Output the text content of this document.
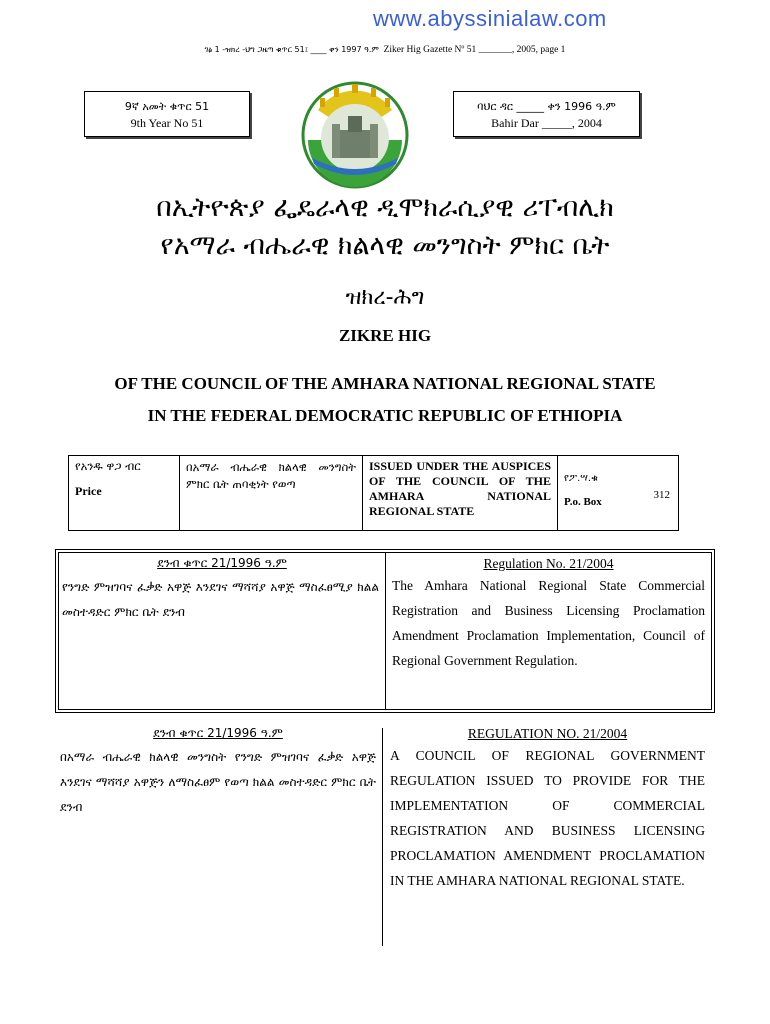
www.abyssinialaw.com
ገፅ 1 -ዝክረ -ህግ ጋዜጣ ቁጥር 51፤ ____ ቀን 1997 ዓ.ም Ziker Hig Gazette Nº 51 _______, 2005, page 1
9ኛ አመት ቁጥር 51
9th Year No 51
ባህር ዳር _____ ቀን 1996 ዓ.ም
Bahir Dar _____, 2004
በኢትዮጵያ ፌዴራላዊ ዲሞክራሲያዊ ሪፐብሊክ
የአማራ ብሔራዊ ክልላዊ መንግስት ምክር ቤት
ዝክረ-ሕግ
ZIKRE HIG
OF THE COUNCIL OF THE AMHARA NATIONAL REGIONAL STATE
IN THE FEDERAL DEMOCRATIC REPUBLIC OF ETHIOPIA
የአንዱ ዋጋ ብር
Price

በአማራ ብሔራዊ ክልላዊ መንግስት ምክር ቤት ጠባቂነት የወጣ

ISSUED UNDER THE AUSPICES OF THE COUNCIL OF THE AMHARA NATIONAL REGIONAL STATE

የፖ.ሣ.ቁ
312
P.o. Box
ደንብ ቁጥር 21/1996 ዓ.ም
የንግድ ምዝገባና ፈቃድ አዋጅ እንደገና ማሻሻያ አዋጅ ማስፈፀሚያ ክልል መስተዳድር ምክር ቤት ደንብ
Regulation No. 21/2004
The Amhara National Regional State Commercial Registration and Business Licensing Proclamation Amendment Proclamation Implementation, Council of Regional Government Regulation.
ደንብ ቁጥር 21/1996 ዓ.ም
በአማራ ብሔራዊ ክልላዊ መንግስት የንግድ ምዝገባና ፈቃድ አዋጅ እንደገና ማሻሻያ አዋጅን ለማስፈፀም የወጣ ክልል መስተዳድር ምክር ቤት ደንብ
REGULATION NO. 21/2004
A COUNCIL OF REGIONAL GOVERNMENT REGULATION ISSUED TO PROVIDE FOR THE IMPLEMENTATION OF COMMERCIAL REGISTRATION AND BUSINESS LICENSING PROCLAMATION AMENDMENT PROCLAMATION IN THE AMHARA NATIONAL REGIONAL STATE.
